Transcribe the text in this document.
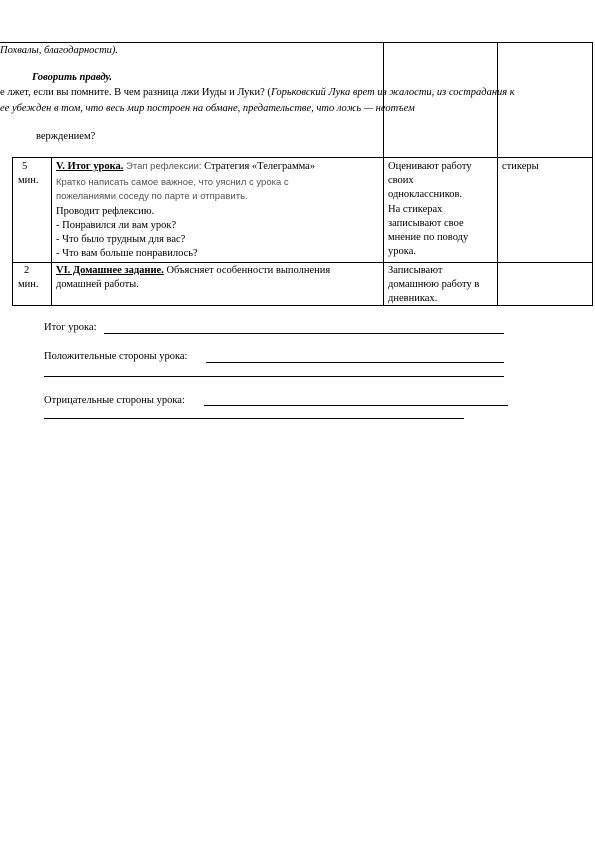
Похвалы, благодарности).
Говорить правду.
е лжет, если вы помните. В чем разница лжи Иуды и Луки? (Горьковский Лука врет из жалости, из сострадания к
ее убежден в том, что весь мир построен на обмане, предательстве, что ложь — неотъем
верждением?
5
мин.
V. Итог урока. Этап рефлексии: Стратегия «Телеграмма»
Кратко написать самое важное, что уяснил с урока с
пожеланиями соседу по парте и отправить.
Проводит рефлексию.
- Понравился ли вам урок?
- Что было трудным для вас?
- Что вам больше понравилось?
Оценивают работу
своих
одноклассников.
На стикерах
записывают свое
мнение по поводу
урока.
стикеры
2
мин.
VI. Домашнее задание. Объясняет особенности выполнения
домашней работы.
Записывают
домашнюю работу в
дневниках.
Итог урока:
Положительные стороны урока:
Отрицательные стороны урока:
